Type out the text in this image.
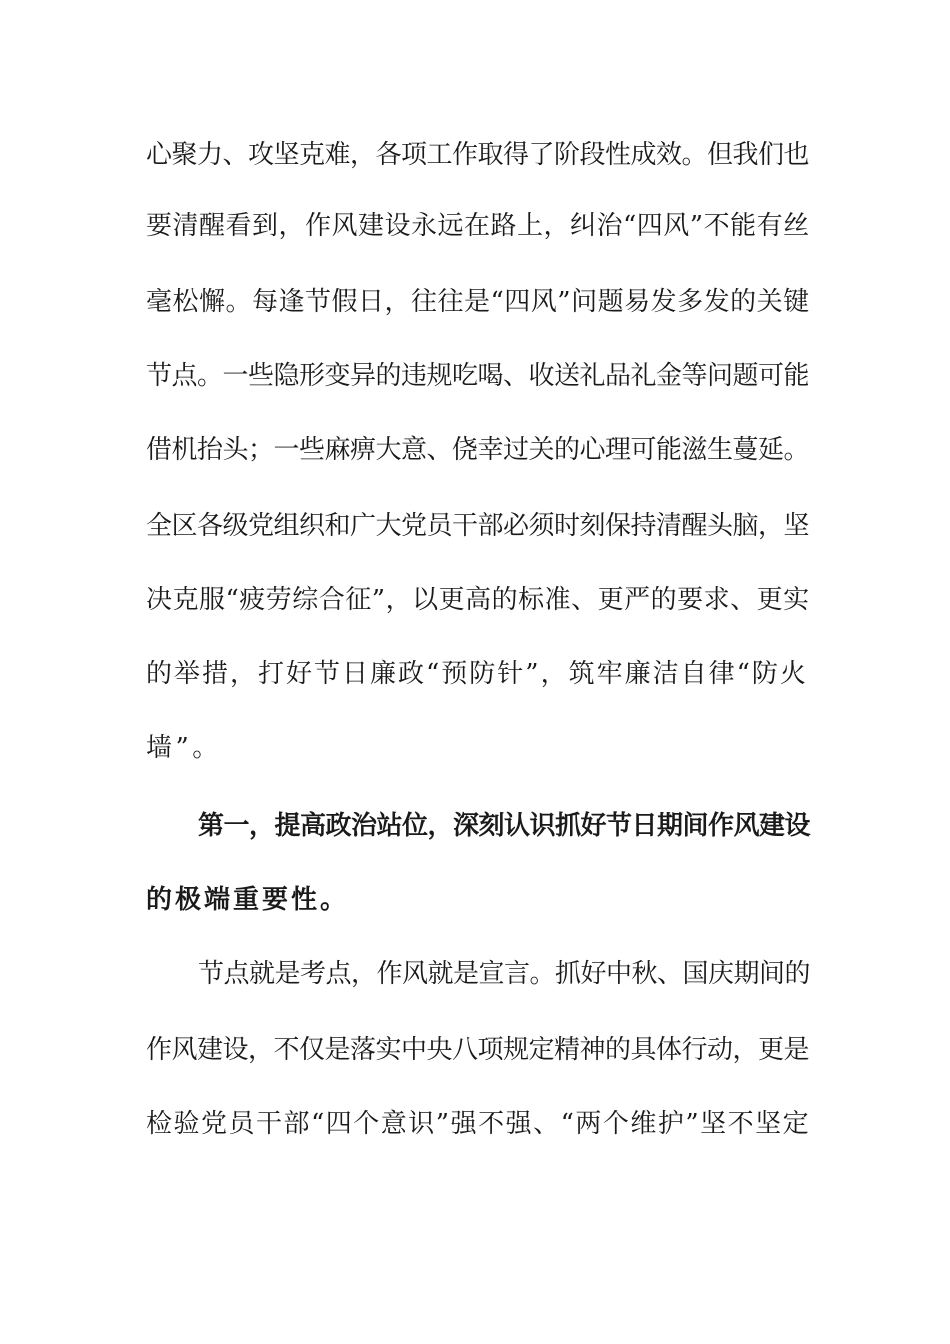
心聚力、攻坚克难，各项工作取得了阶段性成效。但我们也
要清醒看到，作风建设永远在路上，纠治“四风”不能有丝
毫松懈。每逢节假日，往往是“四风”问题易发多发的关键
节点。一些隐形变异的违规吃喝、收送礼品礼金等问题可能
借机抬头；一些麻痹大意、侥幸过关的心理可能滋生蔓延。
全区各级党组织和广大党员干部必须时刻保持清醒头脑，坚
决克服“疲劳综合征”，以更高的标准、更严的要求、更实
的举措，打好节日廉政“预防针”，筑牢廉洁自律“防火
墙”。
第一，提高政治站位，深刻认识抓好节日期间作风建设
的极端重要性。
节点就是考点，作风就是宣言。抓好中秋、国庆期间的
作风建设，不仅是落实中央八项规定精神的具体行动，更是
检验党员干部“四个意识”强不强、“两个维护”坚不坚定
